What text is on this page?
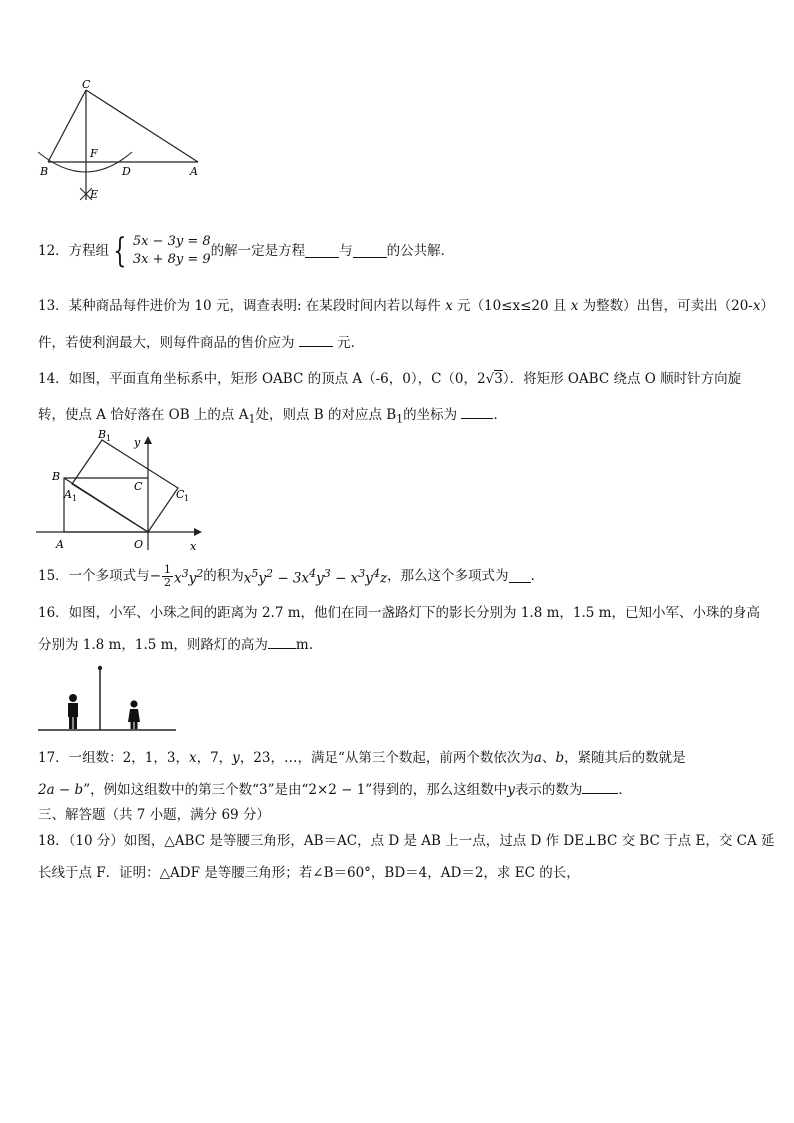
C
F
B	D	A
E
12．方程组 { 5x − 3y = 8
3x + 8y = 9
的解一定是方程	与	的公共解．
13．某种商品每件进价为 10 元，调查表明: 在某段时间内若以每件 x 元（10≤x≤20 且 x 为整数）出售，可卖出（20-x）
件，若使利润最大，则每件商品的售价应为	元．
14．如图，平面直角坐标系中，矩形 OABC 的顶点 A（-6，0），C（0，2√3）．将矩形 OABC 绕点 O 顺时针方向旋
转，使点 A 恰好落在 OB 上的点 $A_1$处，则点 B 的对应点 $B_1$的坐标为	．
B 1 y
B
A 1
C
C 1
A	O	x
15．一个多项式与 − $\frac{1}{2} x^3y^2$ 的积为 $x^5y^2 - 3x^4y^3 - x^3y^4z$ ，那么这个多项式为 ．
16．如图，小军、小珠之间的距离为 2.7 m，他们在同一盏路灯下的影长分别为 1.8 m，1.5 m，已知小军、小珠的身高
分别为 1.8 m，1.5 m，则路灯的高为 m.
17．一组数：2，1，3，x，7，y，23，…，满足“从第三个数起，前两个数依次为a、b，紧随其后的数就是
2a − b”，例如这组数中的第三个数“3”是由“2×2 − 1”得到的，那么这组数中y表示的数为	．
三、解答题（共 7 小题，满分 69 分）
18．（10 分）如图，△ABC 是等腰三角形，AB＝AC，点 D 是 AB 上一点，过点 D 作 DE⊥BC 交 BC 于点 E，交 CA 延
长线于点 F．证明：△ADF 是等腰三角形；若∠B＝60°，BD＝4，AD＝2，求 EC 的长，
